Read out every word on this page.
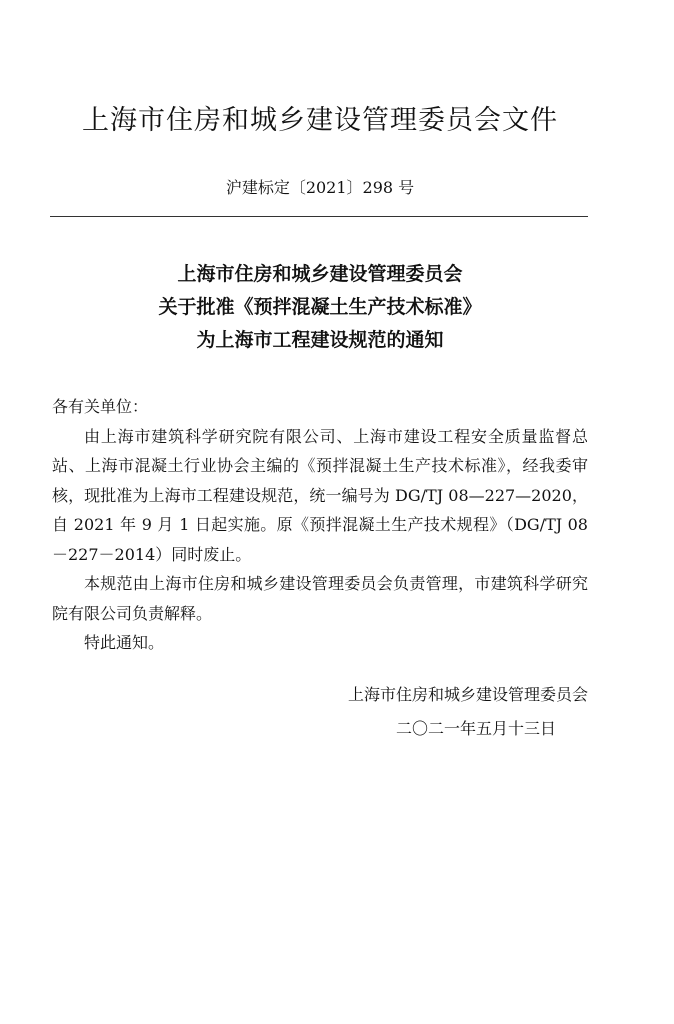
上海市住房和城乡建设管理委员会文件
沪建标定〔2021〕298 号
上海市住房和城乡建设管理委员会
关于批准《预拌混凝土生产技术标准》
为上海市工程建设规范的通知

各有关单位：

由上海市建筑科学研究院有限公司、上海市建设工程安全质量监督总站、上海市混凝土行业协会主编的《预拌混凝土生产技术标准》，经我委审核，现批准为上海市工程建设规范，统一编号为 DG/TJ 08—227—2020，自 2021 年 9 月 1 日起实施。原《预拌混凝土生产技术规程》（DG/TJ 08－227－2014）同时废止。

本规范由上海市住房和城乡建设管理委员会负责管理，市建筑科学研究院有限公司负责解释。

特此通知。

上海市住房和城乡建设管理委员会
二〇二一年五月十三日
